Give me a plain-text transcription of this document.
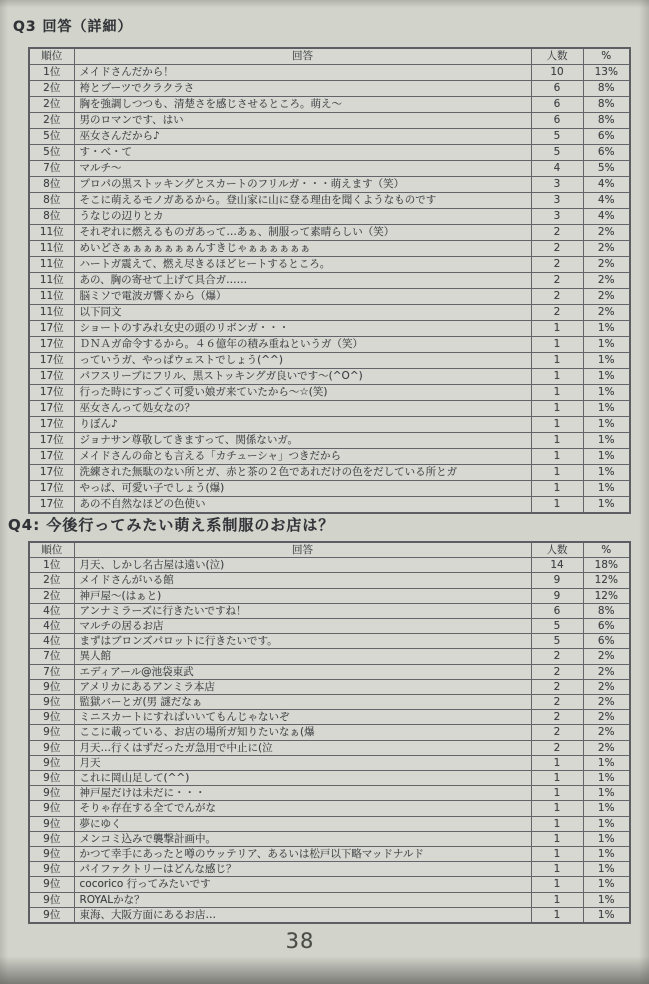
Q3 回答（詳細）
順位	回答	人数	%
1位	メイドさんだから！	10	13%
2位	袴とブーツでクラクラさ	6	8%
2位	胸を強調しつつも、清楚さを感じさせるところ。萌え～	6	8%
2位	男のロマンです、はい	6	8%
5位	巫女さんだから♪	5	6%
5位	す・べ・て	5	6%
7位	マルチ～	4	5%
8位	プロパの黒ストッキングとスカートのフリルガ・・・萌えます（笑）	3	4%
8位	そこに萌えるモノガあるから。登山家に山に登る理由を聞くようなものです	3	4%
8位	うなじの辺りとカ	3	4%
11位	それぞれに燃えるものガあって…あぁ、制服って素晴らしい（笑）	2	2%
11位	めいどさぁぁぁぁぁぁぁんすきじゃぁぁぁぁぁぁ	2	2%
11位	ハートガ震えて、燃え尽きるほどヒートするところ。	2	2%
11位	あの、胸の寄せて上げて具合ガ……	2	2%
11位	脳ミソで電波ガ響くから（爆）	2	2%
11位	以下同文	2	2%
17位	ショートのすみれ女史の頭のリボンガ・・・	1	1%
17位	ＤＮＡガ命令するから。４６億年の積み重ねというガ（笑）	1	1%
17位	っていうガ、やっぱウェストでしょう(^^)	1	1%
17位	パフスリーブにフリル、黒ストッキングガ良いです～(^O^)	1	1%
17位	行った時にすっごく可愛い娘ガ来ていたから～☆(笑)	1	1%
17位	巫女さんって処女なの？	1	1%
17位	りぼん♪	1	1%
17位	ジョナサン尊敬してきますって、関係ないガ。	1	1%
17位	メイドさんの命とも言える「カチューシャ」つきだから	1	1%
17位	洗練された無駄のない所とガ、赤と茶の２色であれだけの色をだしている所とガ	1	1%
17位	やっぱ、可愛い子でしょう(爆)	1	1%
17位	あの不自然なほどの色使い	1	1%
Q4: 今後行ってみたい萌え系制服のお店は？
順位	回答	人数	%
1位	月天、しかし名古屋は遠い(泣)	14	18%
2位	メイドさんがいる館	9	12%
2位	神戸屋～(はぁと)	9	12%
4位	アンナミラーズに行きたいですね！	6	8%
4位	マルチの居るお店	5	6%
4位	まずはブロンズパロットに行きたいです。	5	6%
7位	異人館	2	2%
7位	エディアール@池袋東武	2	2%
9位	アメリカにあるアンミラ本店	2	2%
9位	監獄バーとガ(男 謎だなぁ	2	2%
9位	ミニスカートにすればいいてもんじゃないぞ	2	2%
9位	ここに載っている、お店の場所ガ知りたいなぁ(爆	2	2%
9位	月天…行くはずだったガ急用で中止に(泣	2	2%
9位	月天	1	1%
9位	これに岡山足して(^^)	1	1%
9位	神戸屋だけは未だに・・・	1	1%
9位	そりゃ存在する全てでんがな	1	1%
9位	夢にゆく	1	1%
9位	メンコミ込みで襲撃計画中。	1	1%
9位	かつて幸手にあったと噂のウッテリア、あるいは松戸以下略マッドナルド	1	1%
9位	パイファクトリーはどんな感じ？	1	1%
9位	cocorico 行ってみたいです	1	1%
9位	ROYALかな？	1	1%
9位	東海、大阪方面にあるお店…	1	1%
38
